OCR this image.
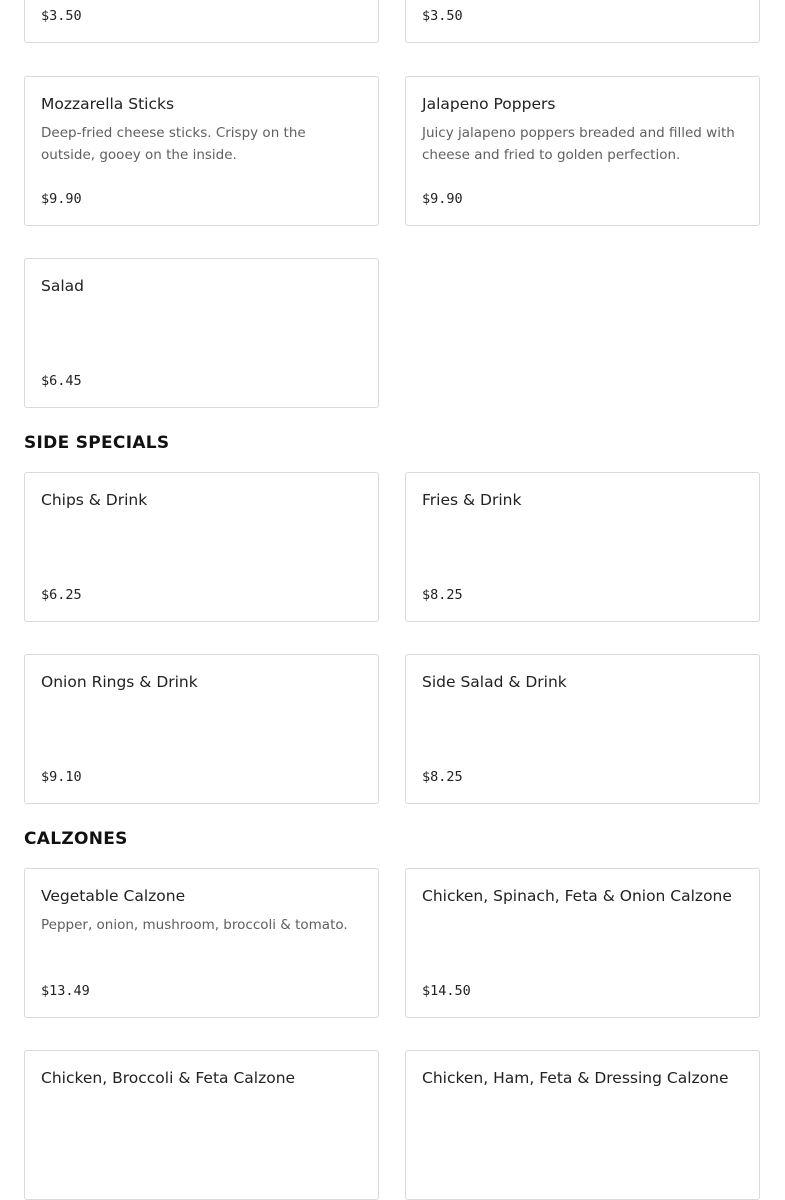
$3.50	$3.50
Mozzarella Sticks
Deep-fried cheese sticks. Crispy on the outside, gooey on the inside.
$9.90
Jalapeno Poppers
Juicy jalapeno poppers breaded and filled with cheese and fried to golden perfection.
$9.90
Salad
$6.45
SIDE SPECIALS
Chips & Drink
$6.25
Fries & Drink
$8.25
Onion Rings & Drink
$9.10
Side Salad & Drink
$8.25
CALZONES
Vegetable Calzone
Pepper, onion, mushroom, broccoli & tomato.
$13.49
Chicken, Spinach, Feta & Onion Calzone
$14.50
Chicken, Broccoli & Feta Calzone	Chicken, Ham, Feta & Dressing Calzone
